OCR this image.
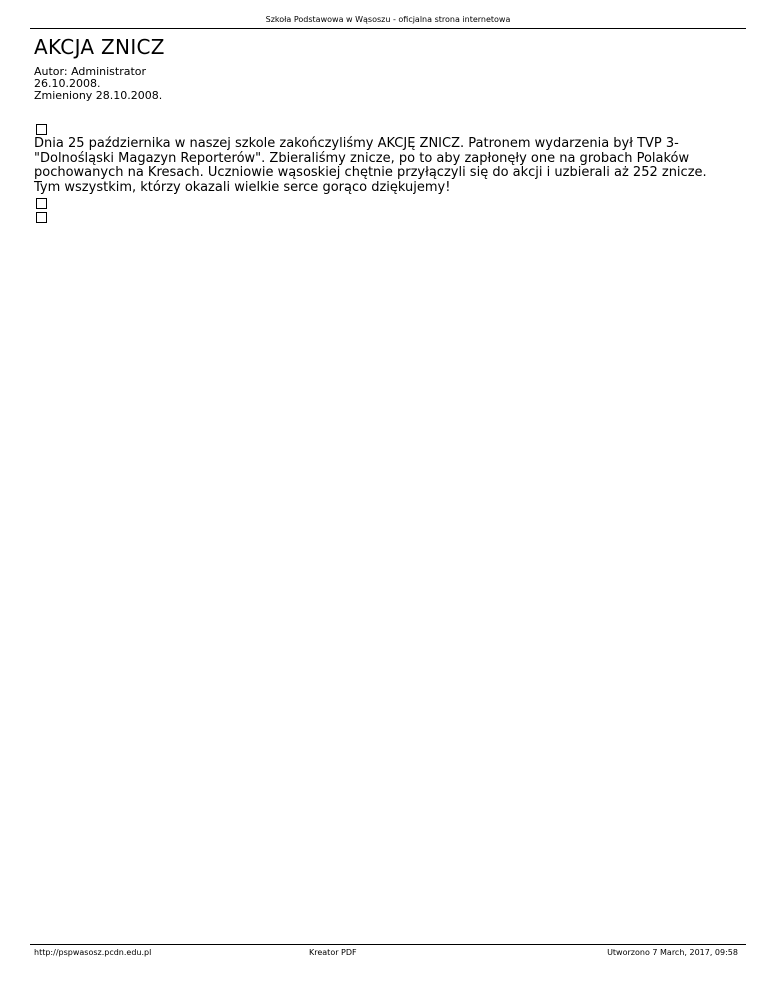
Szkoła Podstawowa w Wąsoszu - oficjalna strona internetowa
AKCJA ZNICZ
Autor: Administrator
26.10.2008.
Zmieniony 28.10.2008.

Dnia 25 października w naszej szkole zakończyliśmy AKCJĘ ZNICZ. Patronem wydarzenia był TVP 3- "Dolnośląski Magazyn Reporterów". Zbieraliśmy znicze, po to aby zapłonęły one na grobach Polaków pochowanych na Kresach. Uczniowie wąsoskiej chętnie przyłączyli się do akcji i uzbierali aż 252 znicze. Tym wszystkim, którzy okazali wielkie serce gorąco dziękujemy!

http://pspwasosz.pcdn.edu.pl	Kreator PDF	Utworzono 7 March, 2017, 09:58
